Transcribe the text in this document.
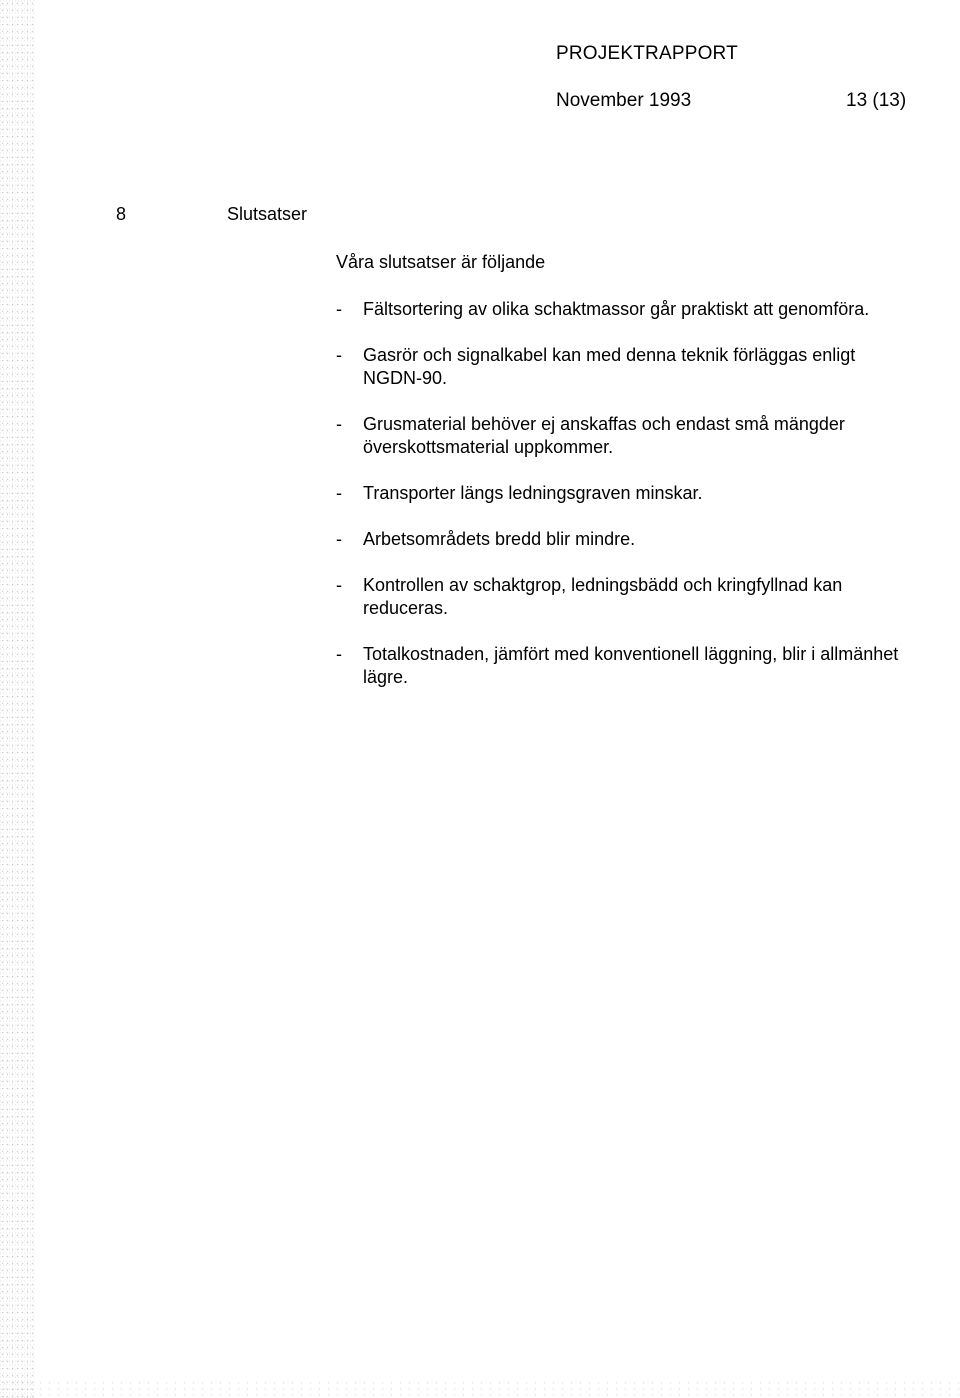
PROJEKTRAPPORT
November 1993	13 (13)
8	Slutsatser
Våra slutsatser är följande
- Fältsortering av olika schaktmassor går praktiskt att genomföra.
- Gasrör och signalkabel kan med denna teknik förläggas enligt NGDN-90.
- Grusmaterial behöver ej anskaffas och endast små mängder överskottsmaterial uppkommer.
- Transporter längs ledningsgraven minskar.
- Arbetsområdets bredd blir mindre.
- Kontrollen av schaktgrop, ledningsbädd och kringfyllnad kan reduceras.
- Totalkostnaden, jämfört med konventionell läggning, blir i allmänhet lägre.
